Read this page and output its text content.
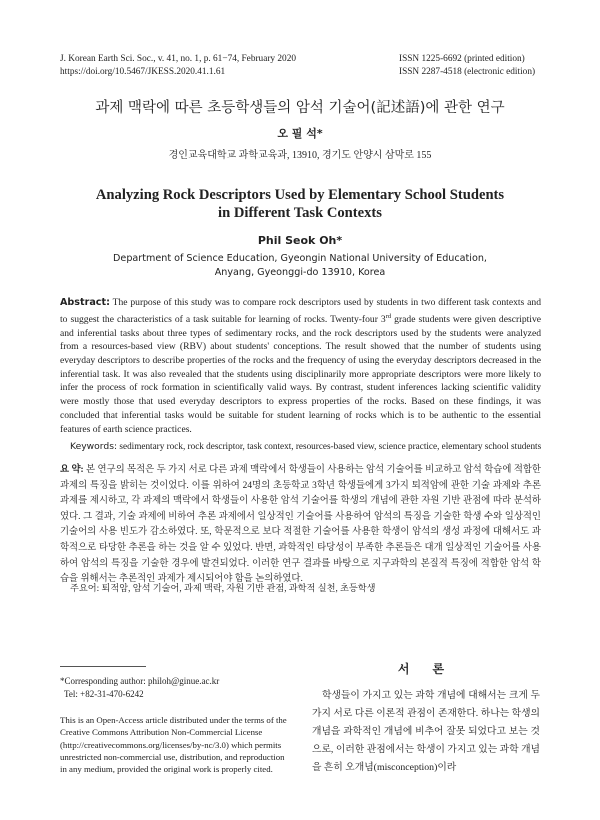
J. Korean Earth Sci. Soc., v. 41, no. 1, p. 61−74, February 2020
https://doi.org/10.5467/JKESS.2020.41.1.61
ISSN 1225-6692 (printed edition)
ISSN 2287-4518 (electronic edition)
과제 맥락에 따른 초등학생들의 암석 기술어(記述語)에 관한 연구
오 필 석*
경인교육대학교 과학교육과, 13910, 경기도 안양시 삼막로 155
Analyzing Rock Descriptors Used by Elementary School Students
in Different Task Contexts
Phil Seok Oh*
Department of Science Education, Gyeongin National University of Education,
Anyang, Gyeonggi-do 13910, Korea
Abstract: The purpose of this study was to compare rock descriptors used by students in two different task contexts and to suggest the characteristics of a task suitable for learning of rocks. Twenty-four 3rd grade students were given descriptive and inferential tasks about three types of sedimentary rocks, and the rock descriptors used by the students were analyzed from a resources-based view (RBV) about students' conceptions. The result showed that the number of students using everyday descriptors to describe properties of the rocks and the frequency of using the everyday descriptors decreased in the inferential task. It was also revealed that the students using disciplinarily more appropriate descriptors were more likely to infer the process of rock formation in scientifically valid ways. By contrast, student inferences lacking scientific validity were mostly those that used everyday descriptors to express properties of the rocks. Based on these findings, it was concluded that inferential tasks would be suitable for student learning of rocks which is to be authentic to the essential features of earth science practices.
Keywords: sedimentary rock, rock descriptor, task context, resources-based view, science practice, elementary school students
요 약: 본 연구의 목적은 두 가지 서로 다른 과제 맥락에서 학생들이 사용하는 암석 기술어를 비교하고 암석 학습에 적합한 과제의 특징을 밝히는 것이었다. 이를 위하여 24명의 초등학교 3학년 학생들에게 3가지 퇴적암에 관한 기술 과제와 추론 과제를 제시하고, 각 과제의 맥락에서 학생들이 사용한 암석 기술어를 학생의 개념에 관한 자원 기반 관점에 따라 분석하였다. 그 결과, 기술 과제에 비하여 추론 과제에서 일상적인 기술어를 사용하여 암석의 특징을 기술한 학생 수와 일상적인 기술어의 사용 빈도가 감소하였다. 또, 학문적으로 보다 적절한 기술어를 사용한 학생이 암석의 생성 과정에 대해서도 과학적으로 타당한 추론을 하는 것을 알 수 있었다. 반면, 과학적인 타당성이 부족한 추론들은 대개 일상적인 기술어를 사용하여 암석의 특징을 기술한 경우에 발견되었다. 이러한 연구 결과를 바탕으로 지구과학의 본질적 특징에 적합한 암석 학습을 위해서는 추론적인 과제가 제시되어야 함을 논의하였다.
주요어: 퇴적암, 암석 기술어, 과제 맥락, 자원 기반 관점, 과학적 실천, 초등학생
*Corresponding author: philoh@ginue.ac.kr
Tel: +82-31-470-6242
This is an Open-Access article distributed under the terms of the Creative Commons Attribution Non-Commercial License (http://creativecommons.org/licenses/by-nc/3.0) which permits unrestricted non-commercial use, distribution, and reproduction in any medium, provided the original work is properly cited.
서 론
학생들이 가지고 있는 과학 개념에 대해서는 크게 두 가지 서로 다른 이론적 관점이 존재한다. 하나는 학생의 개념을 과학적인 개념에 비추어 잘못 되었다고 보는 것으로, 이러한 관점에서는 학생이 가지고 있는 과학 개념을 흔히 오개념(misconception)이라
